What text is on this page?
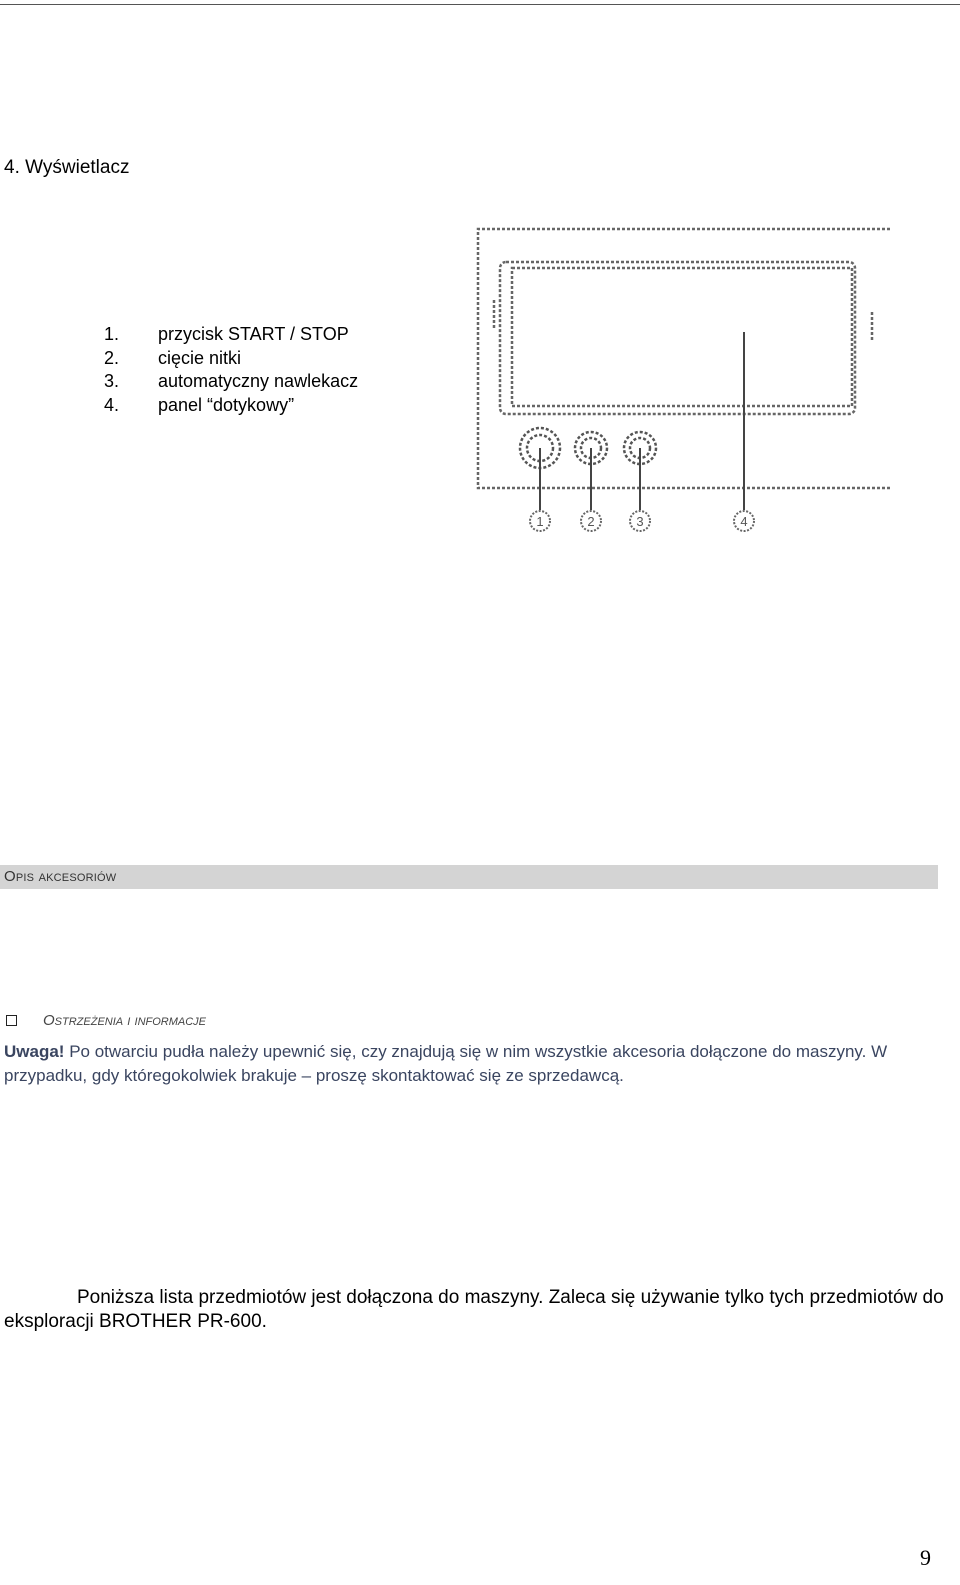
4. Wyświetlacz
1.	przycisk START / STOP
2.	cięcie nitki
3.	automatyczny nawlekacz
4.	panel “dotykowy”
1	2	3	4
Opis akcesoriów
Ostrzeżenia i informacje
Uwaga! Po otwarciu pudła należy upewnić się, czy znajdują się w nim wszystkie akcesoria dołączone do maszyny. W przypadku, gdy któregokolwiek brakuje – proszę skontaktować się ze sprzedawcą.
Poniższa lista przedmiotów jest dołączona do maszyny. Zaleca się używanie tylko tych przedmiotów do eksploracji BROTHER PR-600.
9
